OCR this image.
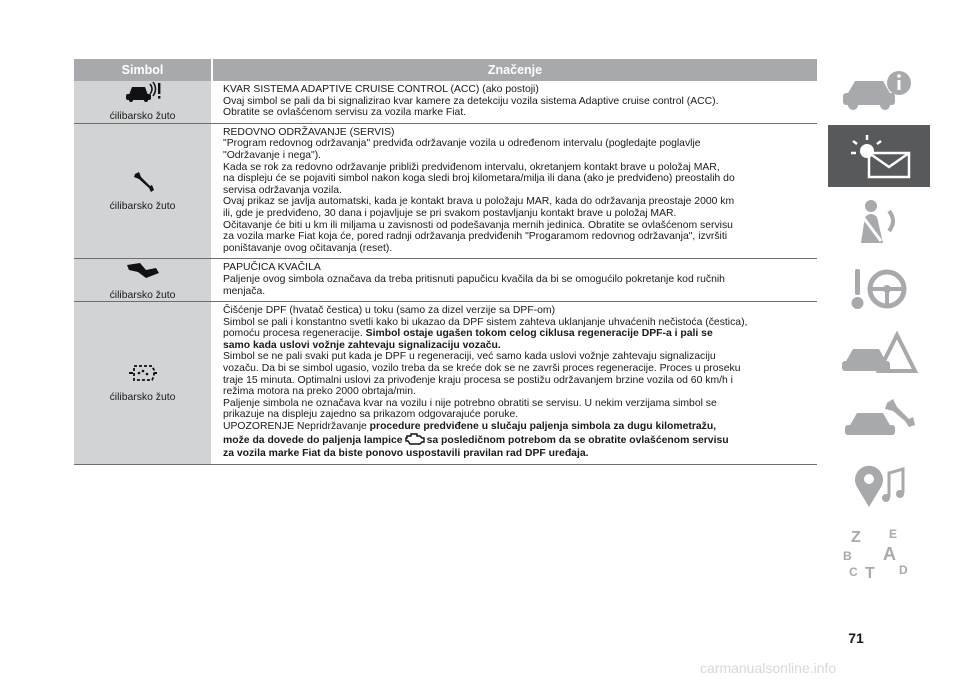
Simbol	Značenje
ćilibarsko žuto

KVAR SISTEMA ADAPTIVE CRUISE CONTROL (ACC) (ako postoji)

Ovaj simbol se pali da bi signalizirao kvar kamere za detekciju vozila sistema Adaptive cruise control (ACC).

Obratite se ovlašćenom servisu za vozila marke Fiat.

ćilibarsko žuto

REDOVNO ODRŽAVANJE (SERVIS)

"Program redovnog održavanja" predviđa održavanje vozila u određenom intervalu (pogledajte poglavlje

"Održavanje i nega").

Kada se rok za redovno održavanje približi predviđenom intervalu, okretanjem kontakt brave u položaj MAR,

na displeju će se pojaviti simbol nakon koga sledi broj kilometara/milja ili dana (ako je predviđeno) preostalih do

servisa održavanja vozila.

Ovaj prikaz se javlja automatski, kada je kontakt brava u položaju MAR, kada do održavanja preostaje 2000 km

ili, gde je predviđeno, 30 dana i pojavljuje se pri svakom postavljanju kontakt brave u položaj MAR.

Očitavanje će biti u km ili miljama u zavisnosti od podešavanja mernih jedinica. Obratite se ovlašćenom servisu

za vozila marke Fiat koja će, pored radnji održavanja predviđenih "Progaramom redovnog održavanja", izvršiti

poništavanje ovog očitavanja (reset).

ćilibarsko žuto

PAPUČICA KVAČILA

Paljenje ovog simbola označava da treba pritisnuti papučicu kvačila da bi se omogućilo pokretanje kod ručnih

menjača.

ćilibarsko žuto

Čišćenje DPF (hvatač čestica) u toku (samo za dizel verzije sa DPF-om)

Simbol se pali i konstantno svetli kako bi ukazao da DPF sistem zahteva uklanjanje uhvaćenih nečistoća (čestica),

pomoću procesa regeneracije. Simbol ostaje ugašen tokom celog ciklusa regeneracije DPF-a i pali se

samo kada uslovi vožnje zahtevaju signalizaciju vozaču.

Simbol se ne pali svaki put kada je DPF u regeneraciji, već samo kada uslovi vožnje zahtevaju signalizaciju

vozaču. Da bi se simbol ugasio, vozilo treba da se kreće dok se ne završi proces regeneracije. Proces u proseku

traje 15 minuta. Optimalni uslovi za privođenje kraju procesa se postižu održavanjem brzine vozila od 60 km/h i

režima motora na preko 2000 obrtaja/min.

Paljenje simbola ne označava kvar na vozilu i nije potrebno obratiti se servisu. U nekim verzijama simbol se

prikazuje na displeju zajedno sa prikazom odgovarajuće poruke.

UPOZORENJE Nepridržavanje procedure predviđene u slučaju paljenja simbola za dugu kilometražu,

može da dovede do paljenja lampice sa posledičnom potrebom da se obratite ovlašćenom servisu

za vozila marke Fiat da biste ponovo uspostavili pravilan rad DPF uređaja.

Z E
B A
C T D
71
carmanualsonline.info
